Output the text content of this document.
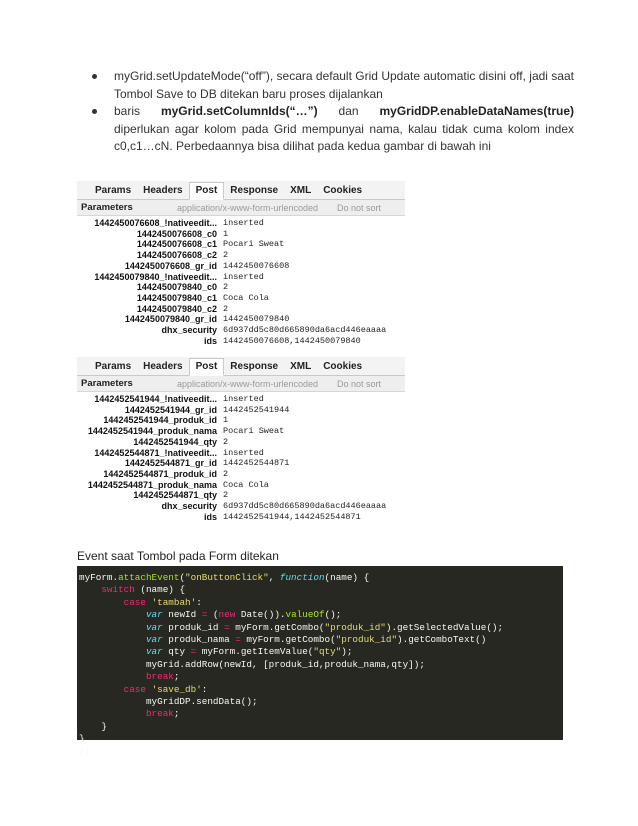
myGrid.setUpdateMode(“off”), secara default Grid Update automatic disini off, jadi saat Tombol Save to DB ditekan baru proses dijalankan

baris myGrid.setColumnIds(“…”) dan myGridDP.enableDataNames(true) diperlukan agar kolom pada Grid mempunyai nama, kalau tidak cuma kolom index c0,c1…cN. Perbedaannya bisa dilihat pada kedua gambar di bawah ini

Params	Headers	Post	Response	XML	Cookies
Parameters	application/x-www-form-urlencoded	Do not sort
1442450076608_!nativeedit...	inserted
1442450076608_c0	1
1442450076608_c1	Pocari Sweat
1442450076608_c2	2
1442450076608_gr_id	1442450076608
1442450079840_!nativeedit...	inserted
1442450079840_c0	2
1442450079840_c1	Coca Cola
1442450079840_c2	2
1442450079840_gr_id	1442450079840
dhx_security	6d937dd5c80d665890da6acd446eaaaa
ids	1442450076608,1442450079840
Params	Headers	Post	Response	XML	Cookies
Parameters	application/x-www-form-urlencoded	Do not sort
1442452541944_!nativeedit...	inserted
1442452541944_gr_id	1442452541944
1442452541944_produk_id	1
1442452541944_produk_nama	Pocari Sweat
1442452541944_qty	2
1442452544871_!nativeedit...	inserted
1442452544871_gr_id	1442452544871
1442452544871_produk_id	2
1442452544871_produk_nama	Coca Cola
1442452544871_qty	2
dhx_security	6d937dd5c80d665890da6acd446eaaaa
ids	1442452541944,1442452544871
Event saat Tombol pada Form ditekan
myForm.attachEvent("onButtonClick", function(name) {
switch (name) {
case 'tambah':
var newId = (new Date()).valueOf();
var produk_id = myForm.getCombo("produk_id").getSelectedValue();
var produk_nama = myForm.getCombo("produk_id").getComboText()
var qty = myForm.getItemValue("qty");
myGrid.addRow(newId, [produk_id,produk_nama,qty]);
break;
case 'save_db':
myGridDP.sendData();
break;
}
}
})
